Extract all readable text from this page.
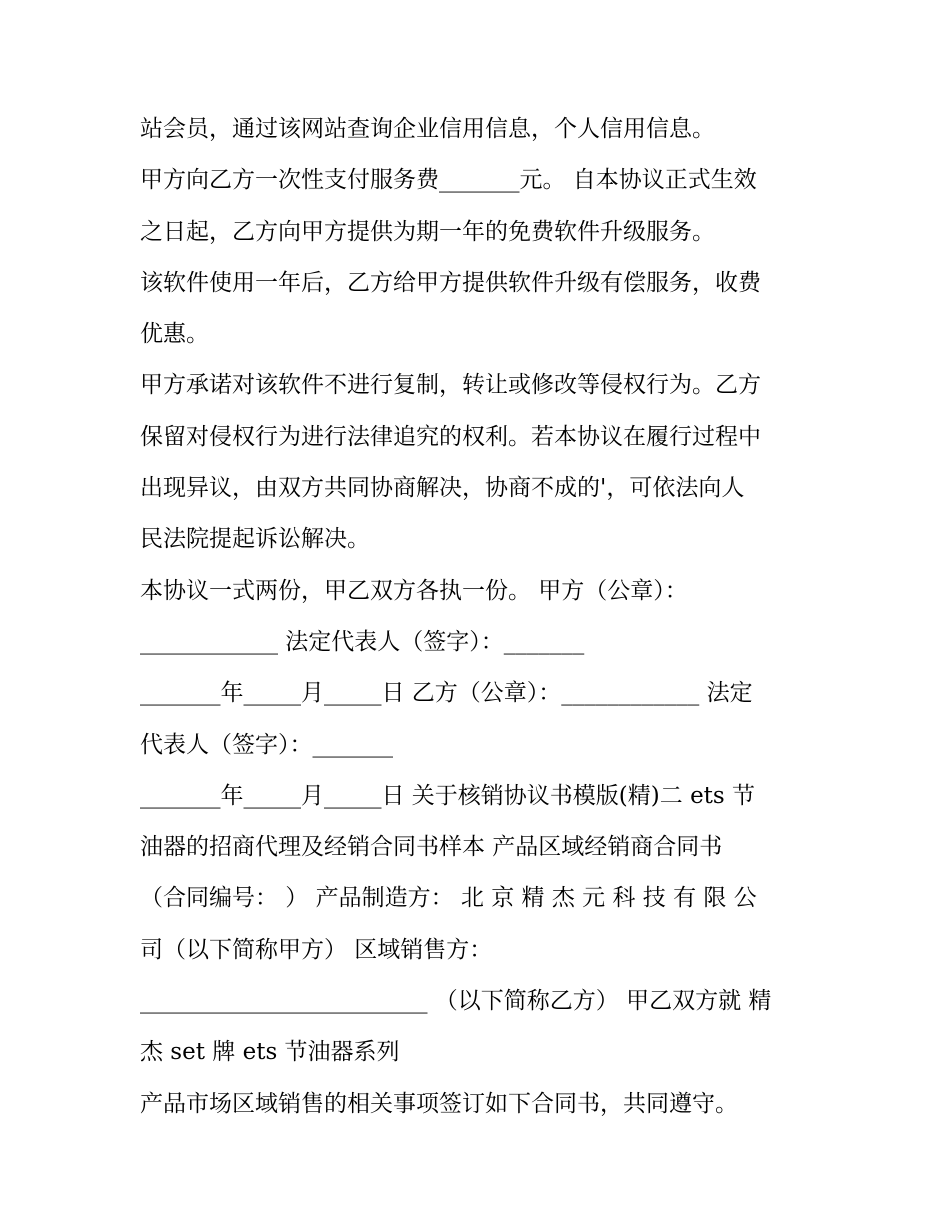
站会员，通过该网站查询企业信用信息，个人信用信息。
甲方向乙方一次性支付服务费_______元。 自本协议正式生效
之日起，乙方向甲方提供为期一年的免费软件升级服务。
该软件使用一年后，乙方给甲方提供软件升级有偿服务，收费
优惠。
甲方承诺对该软件不进行复制，转让或修改等侵权行为。乙方
保留对侵权行为进行法律追究的权利。若本协议在履行过程中
出现异议，由双方共同协商解决，协商不成的'，可依法向人
民法院提起诉讼解决。
本协议一式两份，甲乙双方各执一份。 甲方（公章）：
____________ 法定代表人（签字）：_______
_______年_____月_____日 乙方（公章）：____________ 法定
代表人（签字）：_______
_______年_____月_____日 关于核销协议书模版(精)二 ets 节
油器的招商代理及经销合同书样本 产品区域经销商合同书
（合同编号： ） 产品制造方： 北 京 精 杰 元 科 技 有 限 公
司（以下简称甲方） 区域销售方：
_________________________ （以下简称乙方） 甲乙双方就 精
杰 set 牌 ets 节油器系列
产品市场区域销售的相关事项签订如下合同书，共同遵守。
